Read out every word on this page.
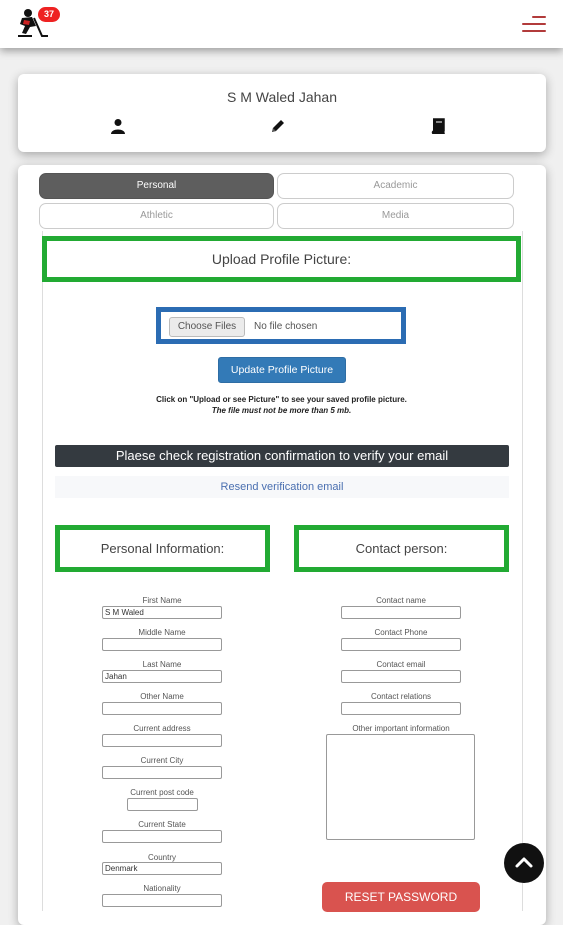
37
S M Waled Jahan
Personal	Academic
Athletic	Media
Upload Profile Picture:
Choose Files	No file chosen
Update Profile Picture
Click on "Upload or see Picture" to see your saved profile picture.
The file must not be more than 5 mb.
Plaese check registration confirmation to verify your email
Resend verification email
Personal Information:	Contact person:
First Name
S M Waled
Middle Name
Last Name
Jahan
Other Name
Current address
Current City
Current post code
Current State
Country
Denmark
Nationality
Contact name
Contact Phone
Contact email
Contact relations
Other important information
RESET PASSWORD
